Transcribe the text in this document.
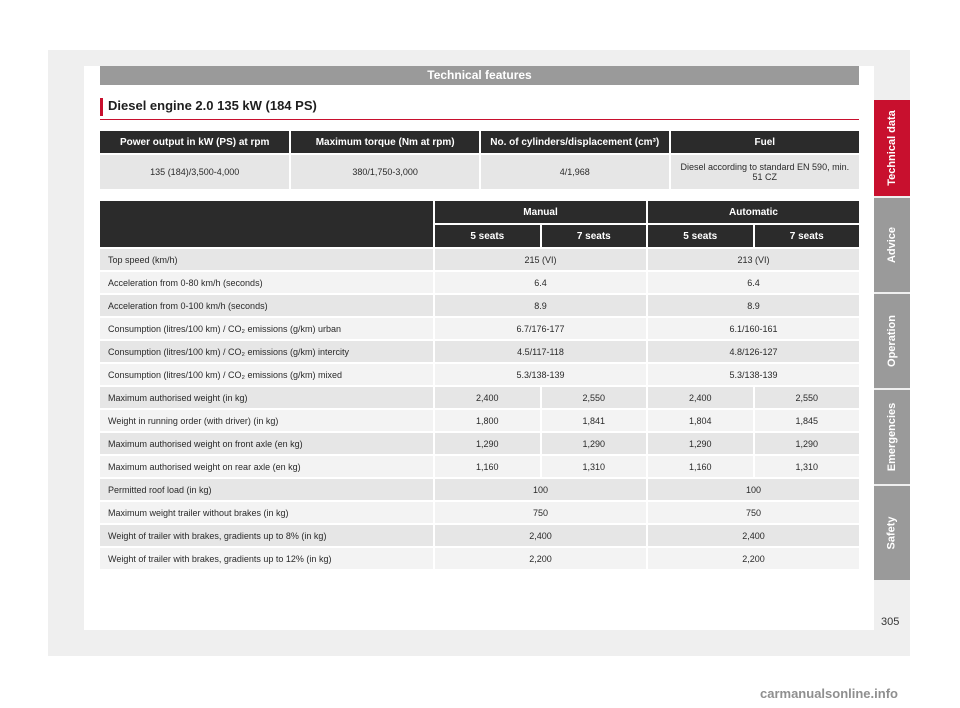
Technical features
Diesel engine 2.0 135 kW (184 PS)
Technical data
Advice
Operation
Emergencies
Safety
Power output in kW (PS) at rpm	Maximum torque (Nm at rpm)	No. of cylinders/displacement (cm³)	Fuel
135 (184)/3,500-4,000	380/1,750-3,000	4/1,968	Diesel according to standard EN 590, min. 51 CZ
	Manual		Automatic	
	5 seats	7 seats	5 seats	7 seats
Top speed (km/h)	215 (VI)		213 (VI)	
Acceleration from 0-80 km/h (seconds)	6.4		6.4	
Acceleration from 0-100 km/h (seconds)	8.9		8.9	
Consumption (litres/100 km) / CO₂ emissions (g/km) urban	6.7/176-177		6.1/160-161	
Consumption (litres/100 km) / CO₂ emissions (g/km) intercity	4.5/117-118		4.8/126-127	
Consumption (litres/100 km) / CO₂ emissions (g/km) mixed	5.3/138-139		5.3/138-139	
Maximum authorised weight (in kg)	2,400	2,550	2,400	2,550
Weight in running order (with driver) (in kg)	1,800	1,841	1,804	1,845
Maximum authorised weight on front axle (en kg)	1,290	1,290	1,290	1,290
Maximum authorised weight on rear axle (en kg)	1,160	1,310	1,160	1,310
Permitted roof load (in kg)	100		100	
Maximum weight trailer without brakes (in kg)	750		750	
Weight of trailer with brakes, gradients up to 8% (in kg)	2,400		2,400	
Weight of trailer with brakes, gradients up to 12% (in kg)	2,200		2,200	
305
carmanualsonline.info
